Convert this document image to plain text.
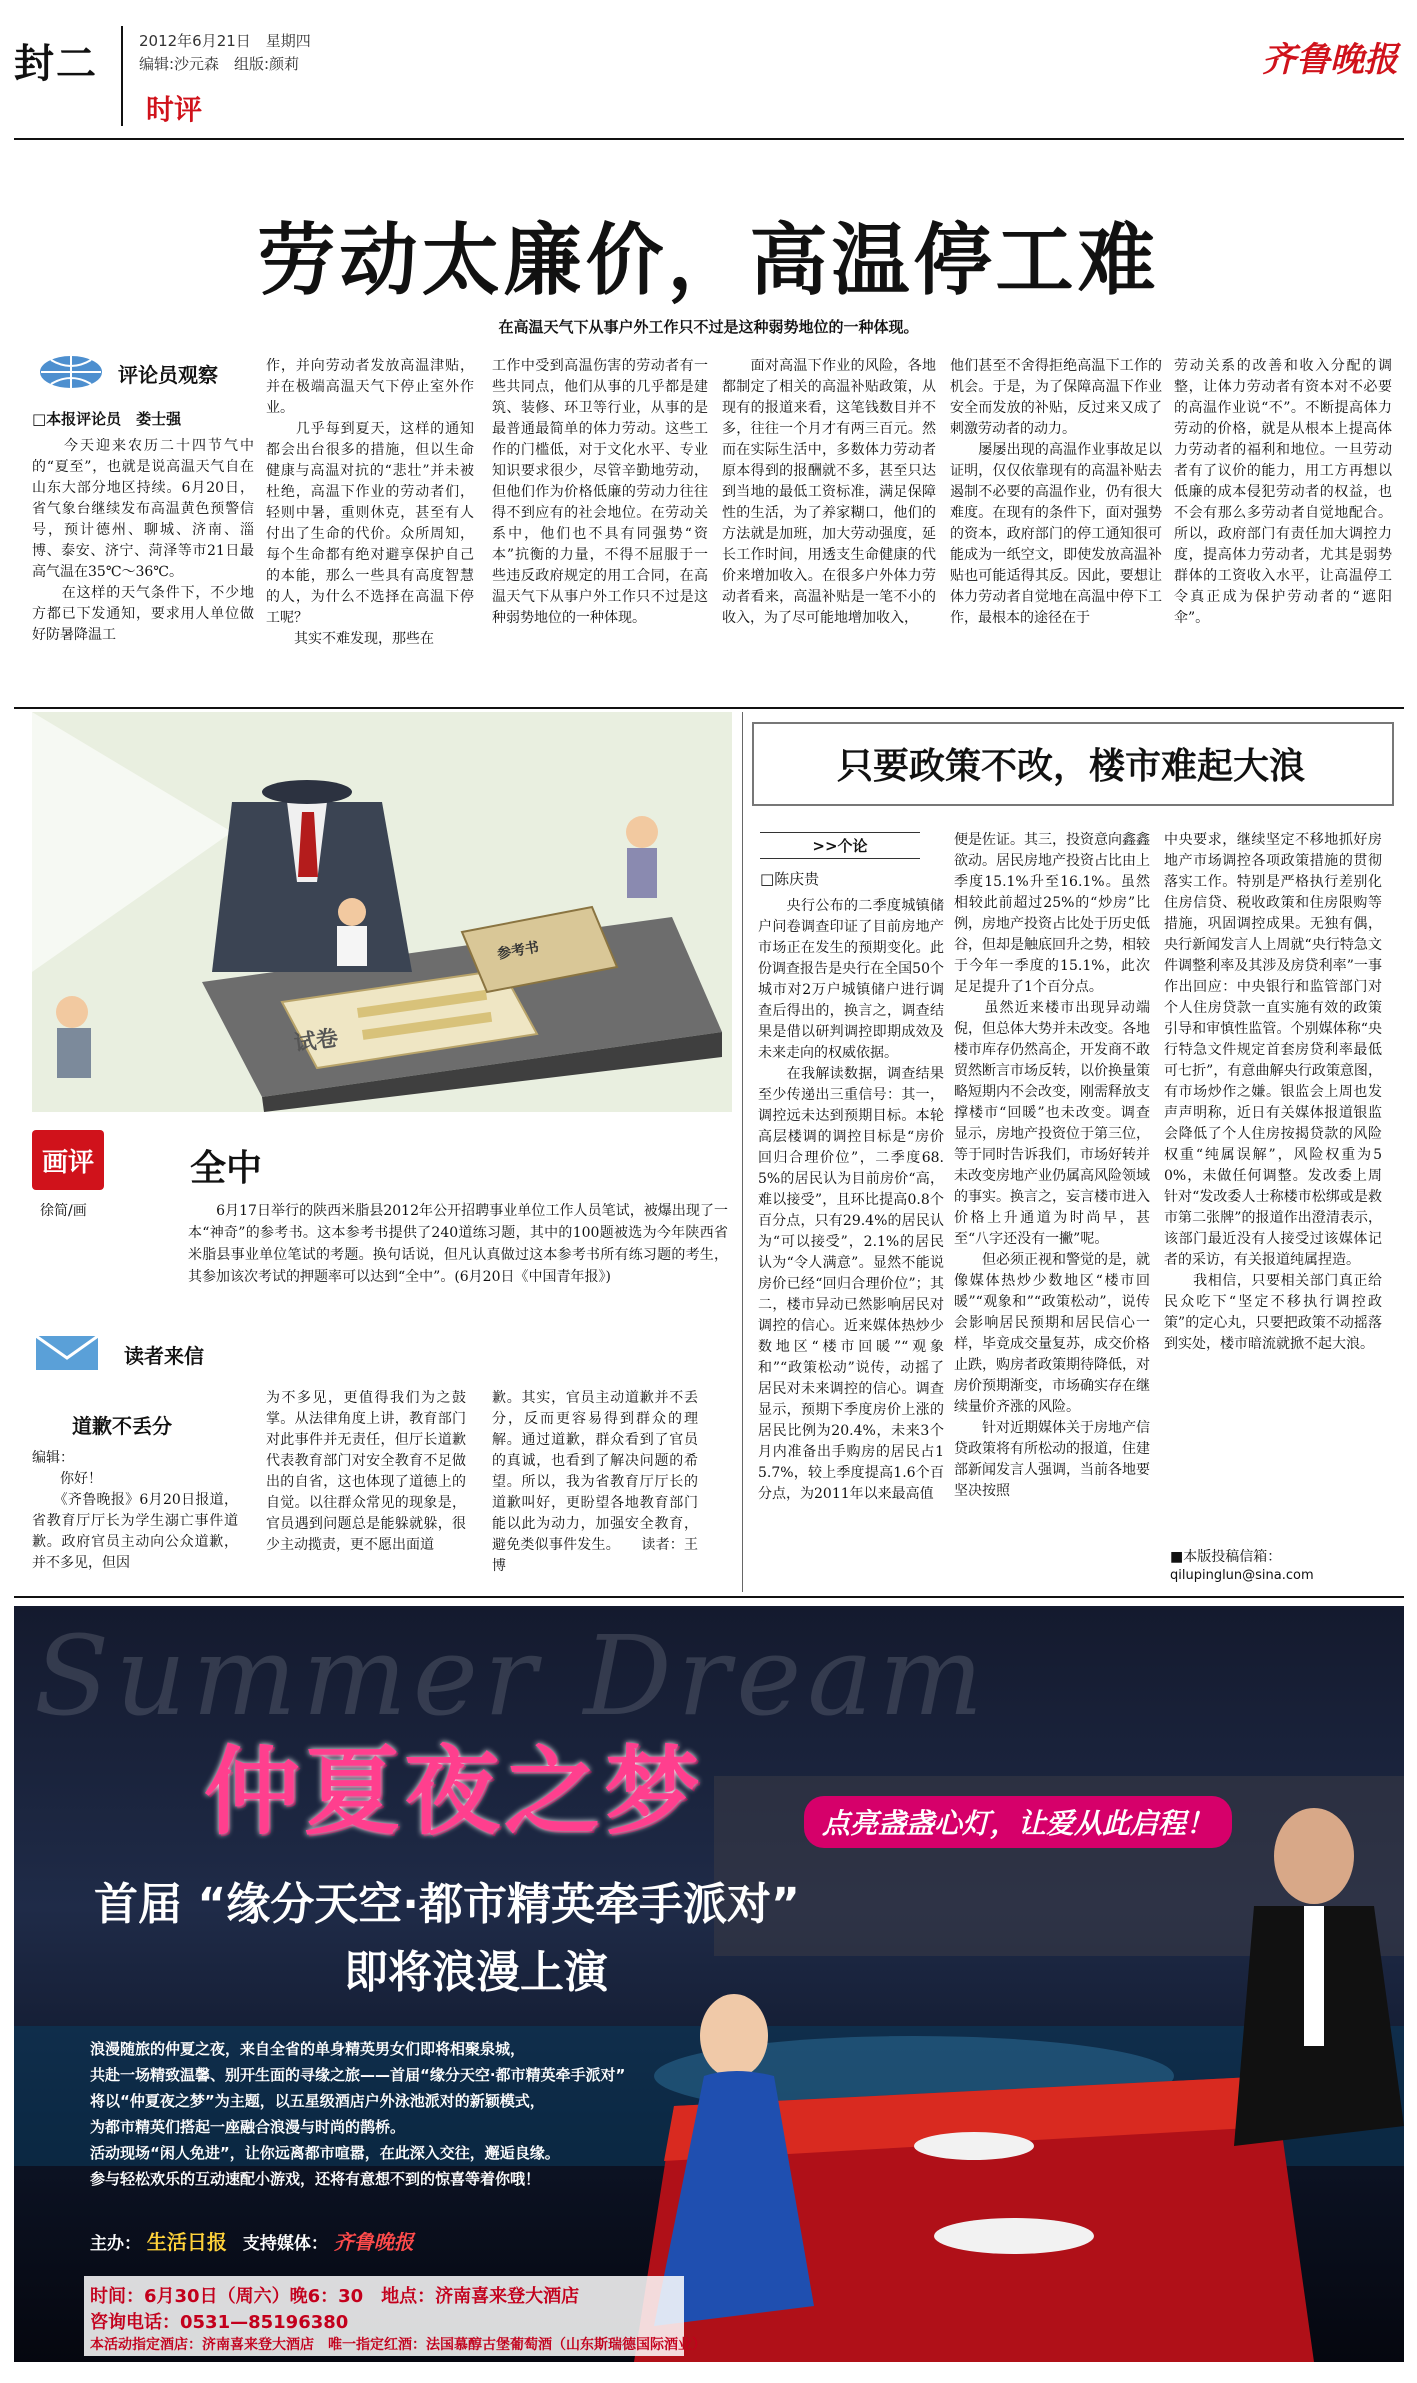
封二	2012年6月21日　星期四
编辑:沙元森　组版:颜莉
时评
齐鲁晚报
劳动太廉价，高温停工难
在高温天气下从事户外工作只不过是这种弱势地位的一种体现。
评论员观察
□本报评论员　娄士强
　　今天迎来农历二十四节气中的“夏至”，也就是说高温天气自在山东大部分地区持续。6月20日，省气象台继续发布高温黄色预警信号，预计德州、聊城、济南、淄博、泰安、济宁、菏泽等市21日最高气温在35℃～36℃。
　　在这样的天气条件下，不少地方都已下发通知，要求用人单位做好防暑降温工
作，并向劳动者发放高温津贴，并在极端高温天气下停止室外作业。
　　几乎每到夏天，这样的通知都会出台很多的措施，但以生命健康与高温对抗的“悲壮”并未被杜绝，高温下作业的劳动者们，轻则中暑，重则休克，甚至有人付出了生命的代价。众所周知，每个生命都有绝对避享保护自己的本能，那么一些具有高度智慧的人，为什么不选择在高温下停工呢？
　　其实不难发现，那些在
工作中受到高温伤害的劳动者有一些共同点，他们从事的几乎都是建筑、装修、环卫等行业，从事的是最普通最简单的体力劳动。这些工作的门槛低，对于文化水平、专业知识要求很少，尽管辛勤地劳动，但他们作为价格低廉的劳动力往往得不到应有的社会地位。在劳动关系中，他们也不具有同强势“资本”抗衡的力量，不得不屈服于一些违反政府规定的用工合同，在高温天气下从事户外工作只不过是这种弱势地位的一种体现。
　　面对高温下作业的风险，各地都制定了相关的高温补贴政策，从现有的报道来看，这笔钱数目并不多，往往一个月才有两三百元。然而在实际生活中，多数体力劳动者原本得到的报酬就不多，甚至只达到当地的最低工资标准，满足保障性的生活，为了养家糊口，他们的方法就是加班，加大劳动强度，延长工作时间，用透支生命健康的代价来增加收入。在很多户外体力劳动者看来，高温补贴是一笔不小的收入，为了尽可能地增加收入，
他们甚至不舍得拒绝高温下工作的机会。于是，为了保障高温下作业安全而发放的补贴，反过来又成了刺激劳动者的动力。
　　屡屡出现的高温作业事故足以证明，仅仅依靠现有的高温补贴去遏制不必要的高温作业，仍有很大难度。在现有的条件下，面对强势的资本，政府部门的停工通知很可能成为一纸空文，即使发放高温补贴也可能适得其反。因此，要想让体力劳动者自觉地在高温中停下工作，最根本的途径在于
劳动关系的改善和收入分配的调整，让体力劳动者有资本对不必要的高温作业说“不”。不断提高体力劳动的价格，就是从根本上提高体力劳动者的福利和地位。一旦劳动者有了议价的能力，用工方再想以低廉的成本侵犯劳动者的权益，也不会有那么多劳动者自觉地配合。所以，政府部门有责任加大调控力度，提高体力劳动者，尤其是弱势群体的工资收入水平，让高温停工令真正成为保护劳动者的“遮阳伞”。
试卷
参考书
画评
徐简/画
全中
　　6月17日举行的陕西米脂县2012年公开招聘事业单位工作人员笔试，被爆出现了一本“神奇”的参考书。这本参考书提供了240道练习题，其中的100题被选为今年陕西省米脂县事业单位笔试的考题。换句话说，但凡认真做过这本参考书所有练习题的考生，其参加该次考试的押题率可以达到“全中”。(6月20日《中国青年报》)
只要政策不改，楼市难起大浪
>>个论
□陈庆贵
　　央行公布的二季度城镇储户问卷调查印证了目前房地产市场正在发生的预期变化。此份调查报告是央行在全国50个城市对2万户城镇储户进行调查后得出的，换言之，调查结果是借以研判调控即期成效及未来走向的权威依据。
　　在我解读数据，调查结果至少传递出三重信号：其一，调控远未达到预期目标。本轮高层楼调的调控目标是“房价回归合理价位”，二季度68.5%的居民认为目前房价“高，难以接受”，且环比提高0.8个百分点，只有29.4%的居民认为“可以接受”，2.1%的居民认为“令人满意”。显然不能说房价已经“回归合理价位”；其二，楼市异动已然影响居民对调控的信心。近来媒体热炒少数地区“楼市回暖”“观象和”“政策松动”说传，动摇了居民对未来调控的信心。调查显示，预期下季度房价上涨的居民比例为20.4%，未来3个月内准备出手购房的居民占15.7%，较上季度提高1.6个百分点，为2011年以来最高值
便是佐证。其三，投资意向鑫鑫欲动。居民房地产投资占比由上季度15.1%升至16.1%。虽然相较此前超过25%的“炒房”比例，房地产投资占比处于历史低谷，但却是触底回升之势，相较于今年一季度的15.1%，此次足足提升了1个百分点。
　　虽然近来楼市出现异动端倪，但总体大势并未改变。各地楼市库存仍然高企，开发商不敢贸然断言市场反转，以价换量策略短期内不会改变，刚需释放支撑楼市“回暖”也未改变。调查显示，房地产投资位于第三位，等于同时告诉我们，市场好转并未改变房地产业仍属高风险领域的事实。换言之，妄言楼市进入价格上升通道为时尚早，甚至“八字还没有一撇”呢。
　　但必须正视和警觉的是，就像媒体热炒少数地区“楼市回暖”“观象和”“政策松动”，说传会影响居民预期和居民信心一样，毕竟成交量复苏，成交价格止跌，购房者政策期待降低，对房价预期渐变，市场确实存在继续量价齐涨的风险。
　　针对近期媒体关于房地产信贷政策将有所松动的报道，住建部新闻发言人强调，当前各地要坚决按照
中央要求，继续坚定不移地抓好房地产市场调控各项政策措施的贯彻落实工作。特别是严格执行差别化住房信贷、税收政策和住房限购等措施，巩固调控成果。无独有偶，央行新闻发言人上周就“央行特急文件调整利率及其涉及房贷利率”一事作出回应：中央银行和监管部门对个人住房贷款一直实施有效的政策引导和审慎性监管。个别媒体称“央行特急文件规定首套房贷利率最低可七折”，有意曲解央行政策意图，有市场炒作之嫌。银监会上周也发声声明称，近日有关媒体报道银监会降低了个人住房按揭贷款的风险权重“纯属误解”，风险权重为50%，未做任何调整。发改委上周针对“发改委人士称楼市松绑或是救市第二张牌”的报道作出澄清表示，该部门最近没有人接受过该媒体记者的采访，有关报道纯属捏造。
　　我相信，只要相关部门真正给民众吃下“坚定不移执行调控政策”的定心丸，只要把政策不动摇落到实处，楼市暗流就掀不起大浪。
■本版投稿信箱：
qilupinglun@sina.com
读者来信
道歉不丢分
编辑：
　　你好！
　　《齐鲁晚报》6月20日报道，省教育厅厅长为学生溺亡事件道歉。政府官员主动向公众道歉，并不多见，但因
为不多见，更值得我们为之鼓掌。从法律角度上讲，教育部门对此事件并无责任，但厅长道歉代表教育部门对安全教育不足做出的自省，这也体现了道德上的自觉。以往群众常见的现象是，官员遇到问题总是能躲就躲，很少主动揽责，更不愿出面道
歉。其实，官员主动道歉并不丢分，反而更容易得到群众的理解。通过道歉，群众看到了官员的真诚，也看到了解决问题的希望。所以，我为省教育厅厅长的道歉叫好，更盼望各地教育部门能以此为动力，加强安全教育，避免类似事件发生。　　读者：王博
Summer Dream
仲夏夜之梦	点亮盏盏心灯，让爱从此启程！
首届 “缘分天空·都市精英牵手派对”
即将浪漫上演
浪漫随旅的仲夏之夜，来自全省的单身精英男女们即将相聚泉城，
共赴一场精致温馨、别开生面的寻缘之旅——首届“缘分天空·都市精英牵手派对”
将以“仲夏夜之梦”为主题，以五星级酒店户外泳池派对的新颖模式，
为都市精英们搭起一座融合浪漫与时尚的鹊桥。
活动现场“闲人免进”，让你远离都市喧嚣，在此深入交往，邂逅良缘。
参与轻松欢乐的互动速配小游戏，还将有意想不到的惊喜等着你哦！
主办： 生活日报 支持媒体： 齐鲁晚报
时间：6月30日（周六）晚6：30　地点：济南喜来登大酒店
咨询电话：0531—85196380
本活动指定酒店：济南喜来登大酒店　唯一指定红酒：法国慕醇古堡葡萄酒（山东斯瑞德国际酒业）
